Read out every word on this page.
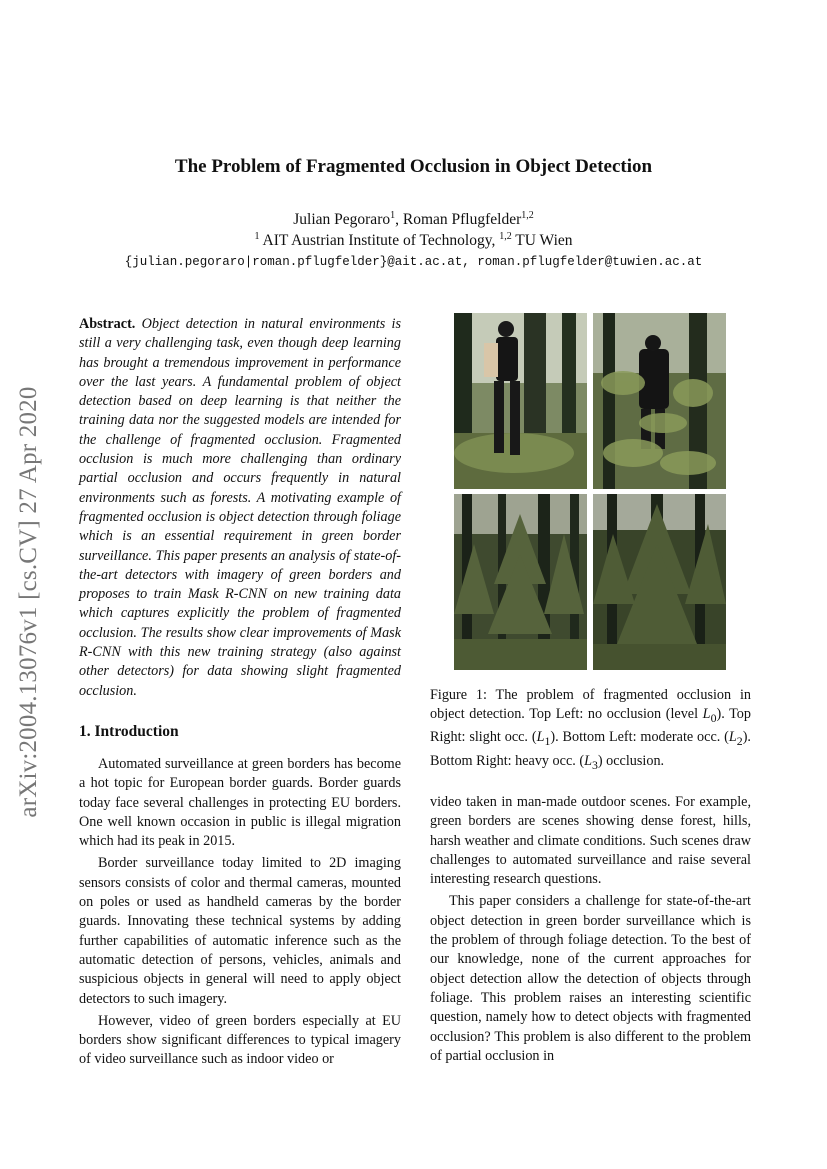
arXiv:2004.13076v1 [cs.CV] 27 Apr 2020
The Problem of Fragmented Occlusion in Object Detection
Julian Pegoraro$^1$, Roman Pflugfelder$^{1,2}$
$^1$ AIT Austrian Institute of Technology, $^{1,2}$ TU Wien
{julian.pegoraro|roman.pflugfelder}@ait.ac.at, roman.pflugfelder@tuwien.ac.at
Abstract. Object detection in natural environments is still a very challenging task, even though deep learning has brought a tremendous improvement in performance over the last years. A fundamental problem of object detection based on deep learning is that neither the training data nor the suggested models are intended for the challenge of fragmented occlusion. Fragmented occlusion is much more challenging than ordinary partial occlusion and occurs frequently in natural environments such as forests. A motivating example of fragmented occlusion is object detection through foliage which is an essential requirement in green border surveillance. This paper presents an analysis of state-of-the-art detectors with imagery of green borders and proposes to train Mask R-CNN on new training data which captures explicitly the problem of fragmented occlusion. The results show clear improvements of Mask R-CNN with this new training strategy (also against other detectors) for data showing slight fragmented occlusion.
1. Introduction

Automated surveillance at green borders has become a hot topic for European border guards. Border guards today face several challenges in protecting EU borders. One well known occasion in public is illegal migration which had its peak in 2015.

Border surveillance today limited to 2D imaging sensors consists of color and thermal cameras, mounted on poles or used as handheld cameras by the border guards. Innovating these technical systems by adding further capabilities of automatic inference such as the automatic detection of persons, vehicles, animals and suspicious objects in general will need to apply object detectors to such imagery.

However, video of green borders especially at EU borders show significant differences to typical imagery of video surveillance such as indoor video or

Figure 1: The problem of fragmented occlusion in object detection. Top Left: no occlusion (level $L_0$). Top Right: slight occ. $(L_1)$. Bottom Left: moderate occ. $(L_2)$. Bottom Right: heavy occ. $(L_3)$ occlusion.

video taken in man-made outdoor scenes. For example, green borders are scenes showing dense forest, hills, harsh weather and climate conditions. Such scenes draw challenges to automated surveillance and raise several interesting research questions.

This paper considers a challenge for state-of-the-art object detection in green border surveillance which is the problem of through foliage detection. To the best of our knowledge, none of the current approaches for object detection allow the detection of objects through foliage. This problem raises an interesting scientific question, namely how to detect objects with fragmented occlusion? This problem is also different to the problem of partial occlusion in
